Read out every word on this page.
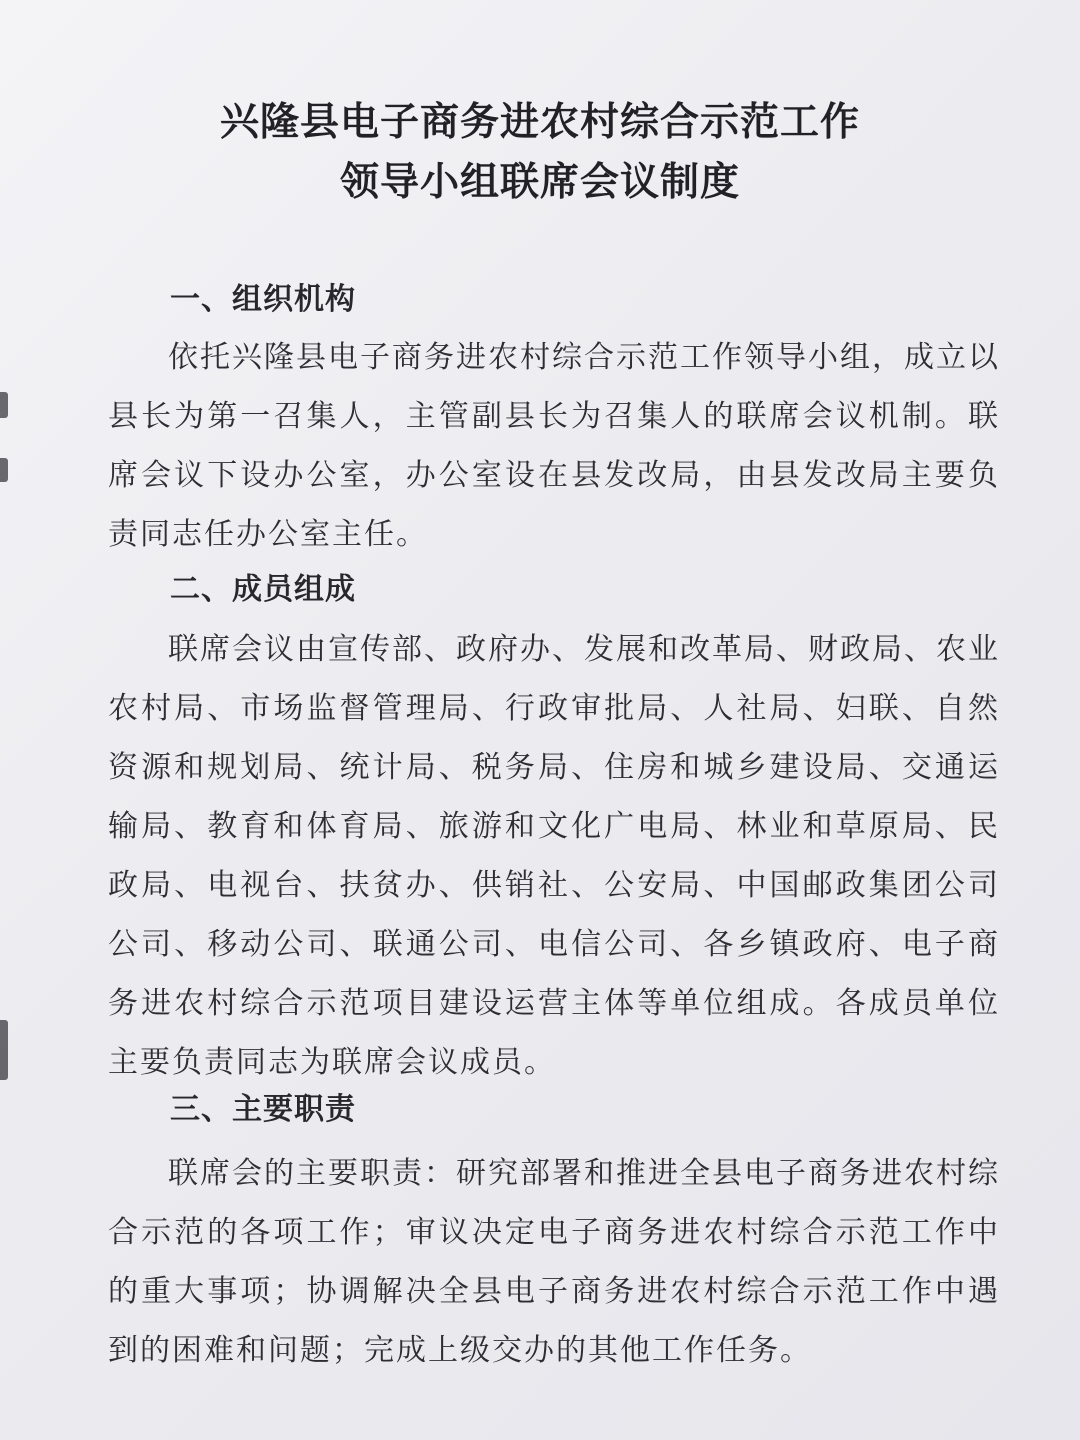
兴隆县电子商务进农村综合示范工作
领导小组联席会议制度
一、组织机构

依托兴隆县电子商务进农村综合示范工作领导小组，成立以县长为第一召集人，主管副县长为召集人的联席会议机制。联席会议下设办公室，办公室设在县发改局，由县发改局主要负责同志任办公室主任。

二、成员组成

联席会议由宣传部、政府办、发展和改革局、财政局、农业农村局、市场监督管理局、行政审批局、人社局、妇联、自然资源和规划局、统计局、税务局、住房和城乡建设局、交通运输局、教育和体育局、旅游和文化广电局、林业和草原局、民政局、电视台、扶贫办、供销社、公安局、中国邮政集团公司公司、移动公司、联通公司、电信公司、各乡镇政府、电子商务进农村综合示范项目建设运营主体等单位组成。各成员单位主要负责同志为联席会议成员。

三、主要职责

联席会的主要职责：研究部署和推进全县电子商务进农村综合示范的各项工作；审议决定电子商务进农村综合示范工作中的重大事项；协调解决全县电子商务进农村综合示范工作中遇到的困难和问题；完成上级交办的其他工作任务。
